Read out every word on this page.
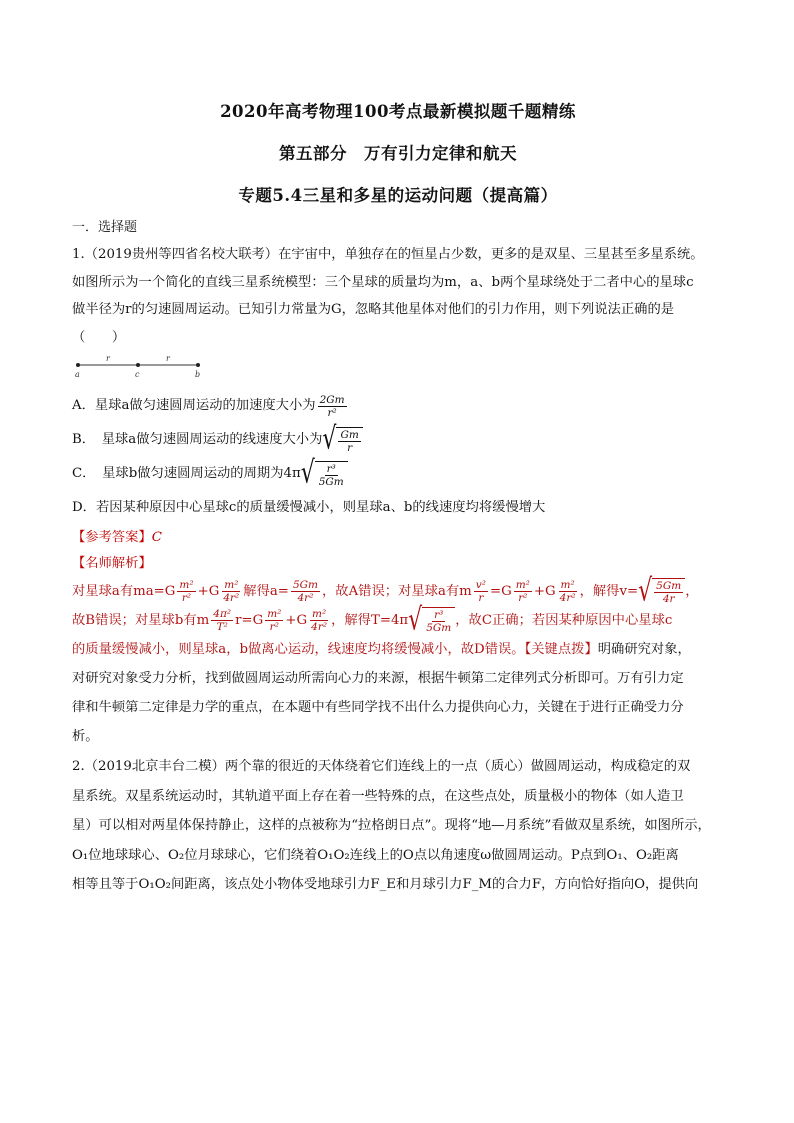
2020年高考物理100考点最新模拟题千题精练
第五部分　万有引力定律和航天
专题5.4三星和多星的运动问题（提高篇）
一．选择题

1.（2019贵州等四省名校大联考）在宇宙中，单独存在的恒星占少数，更多的是双星、三星甚至多星系统。

如图所示为一个简化的直线三星系统模型：三个星球的质量均为m，a、b两个星球绕处于二者中心的星球c

做半径为r的匀速圆周运动。已知引力常量为G，忽略其他星体对他们的引力作用，则下列说法正确的是

（　　）

r	r
a	c	b
A．星球a做匀速圆周运动的加速度大小为 $\frac{2Gm}{\text{r²}}$
B．　星球a做匀速圆周运动的线速度大小为 √ $\frac{Gm}{r}$
C．　星球b做匀速圆周运动的周期为4π √ $\frac{\text{r³}}{5Gm}$
D．若因某种原因中心星球c的质量缓慢减小，则星球a、b的线速度均将缓慢增大
【参考答案】C
【名师解析】

对星球a有$ma=G \frac{\text{m²}}{\text{r²}} +G \frac{\text{m²}}{\text{4r²}}$ 解得$a= \frac{5Gm}{\text{4r²}}$ ，故A错误；对星球a有m $\frac{\text{v²}}{r} =G \frac{\text{m²}}{\text{r²}} +G \frac{\text{m²}}{\text{4r²}}$ ，解得v= √ $\frac{5Gm}{4r}$ ，

故B错误；对星球b有m $\frac{\text{4π²}}{\text{T²}} r=G \frac{\text{m²}}{\text{r²}} +G \frac{\text{m²}}{\text{4r²}}$ ，解得T=4π √ $\frac{\text{r³}}{5Gm}$ ，故C正确；若因某种原因中心星球c

的质量缓慢减小，则星球a，b做离心运动，线速度均将缓慢减小，故D错误。【关键点拨】明确研究对象，

对研究对象受力分析，找到做圆周运动所需向心力的来源，根据牛顿第二定律列式分析即可。万有引力定

律和牛顿第二定律是力学的重点，在本题中有些同学找不出什么力提供向心力，关键在于进行正确受力分

析。

2.（2019北京丰台二模）两个靠的很近的天体绕着它们连线上的一点（质心）做圆周运动，构成稳定的双

星系统。双星系统运动时，其轨道平面上存在着一些特殊的点，在这些点处，质量极小的物体（如人造卫

星）可以相对两星体保持静止，这样的点被称为“拉格朗日点”。现将“地—月系统”看做双星系统，如图所示，

O₁位地球球心、O₂位月球球心，它们绕着O₁O₂连线上的O点以角速度ω做圆周运动。P点到O₁、O₂距离

相等且等于O₁O₂间距离，该点处小物体受地球引力F_E和月球引力F_M的合力F，方向恰好指向O，提供向
